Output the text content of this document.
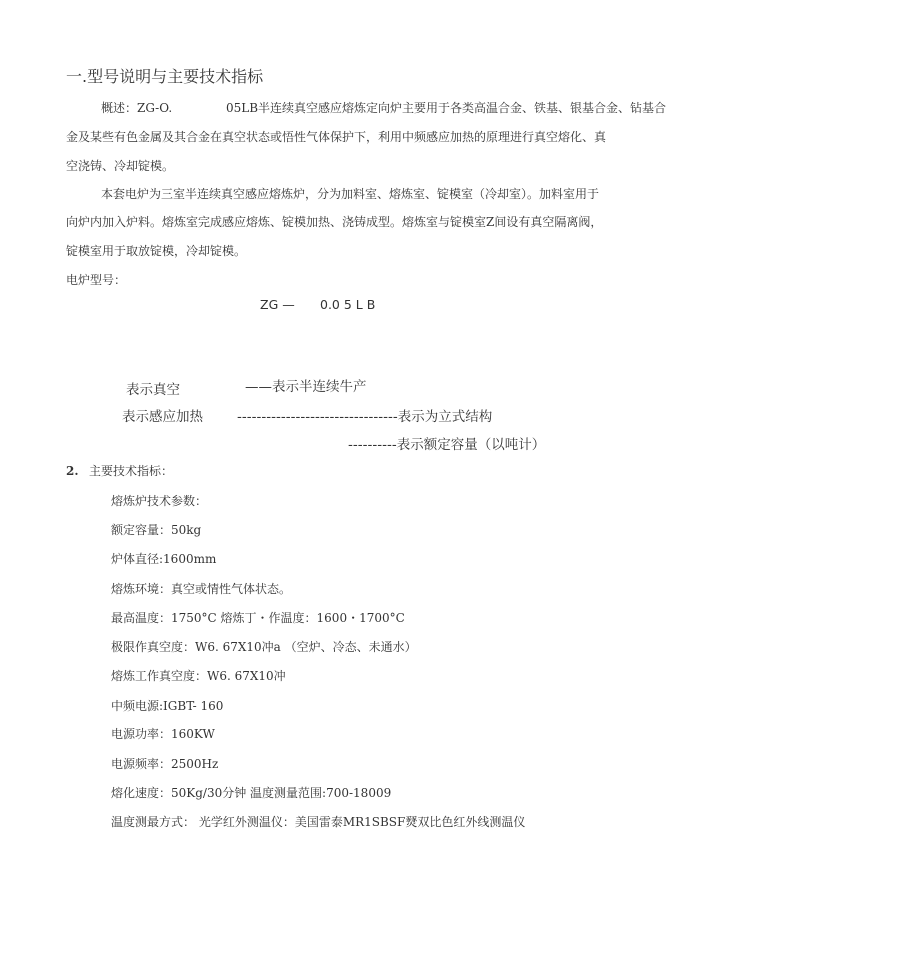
一.型号说明与主要技术指标
概述：ZG-O.	05LB半连续真空感应熔炼定向炉主要用于各类高温合金、铁基、银基合金、钻基合
金及某些有色金属及其合金在真空状态或悟性气体保护下，利用中频感应加热的原理进行真空熔化、真
空浇铸、冷却锭模。
本套电炉为三室半连续真空感应熔炼炉，分为加料室、熔炼室、锭模室（冷却室）。加料室用于
向炉内加入炉料。熔炼室完成感应熔炼、锭模加热、浇铸成型。熔炼室与锭模室Z间设有真空隔离阀，
锭模室用于取放锭模，冷却锭模。
电炉型号：
ZG — 0.0 5 L B
表示真空	——表示半连续牛产
表示感应加热	---------------------------------表示为立式结构
----------表示额定容量（以吨计）
2. 主要技术指标：
熔炼炉技术参数：
额定容量：50kg
炉体直径:1600mm
熔炼环境：真空或情性气体状态。
最高温度：1750°C 熔炼丁・作温度：1600・1700°C
极限作真空度：W6. 67X10冲a （空炉、冷态、未通水）
熔炼工作真空度：W6. 67X10冲
中频电源:IGBT- 160
电源功率：160KW
电源频率：2500Hz
熔化速度：50Kg/30分钟 温度测量范围:700-18009
温度测最方式： 光学红外测温仪：美国雷泰MR1SBSF燹双比色红外线测温仪
